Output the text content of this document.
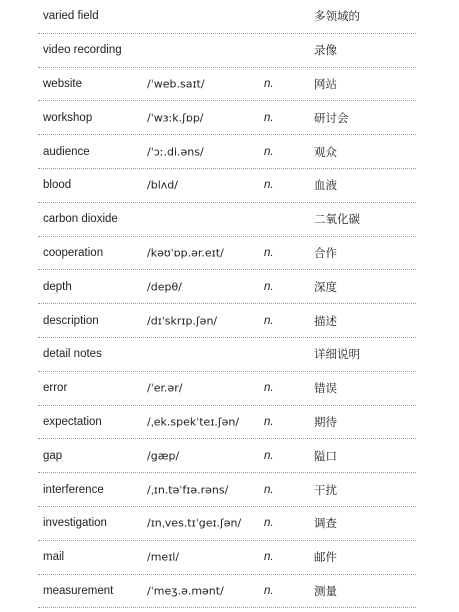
varied field	多领域的
video recording	录像
website	/ˈweb.saɪt/	n.	网站
workshop	/ˈwɜːk.ʃɒp/	n.	研讨会
audience	/ˈɔː.di.əns/	n.	观众
blood	/blʌd/	n.	血液
carbon dioxide	二氧化碳
cooperation	/kəʊˈɒp.ər.eɪt/	n.	合作
depth	/depθ/	n.	深度
description	/dɪˈskrɪp.ʃən/	n.	描述
detail notes	详细说明
error	/ˈer.ər/	n.	错误
expectation	/ˌek.spekˈteɪ.ʃən/ n.	期待
gap	/gæp/	n.	隘口
interference	/ˌɪn.təˈfɪə.rəns/	n.	干扰
investigation	/ɪnˌves.tɪˈgeɪ.ʃən/ n.	调查
mail	/meɪl/	n.	邮件
measurement	/ˈmeʒ.ə.mənt/	n.	测量
